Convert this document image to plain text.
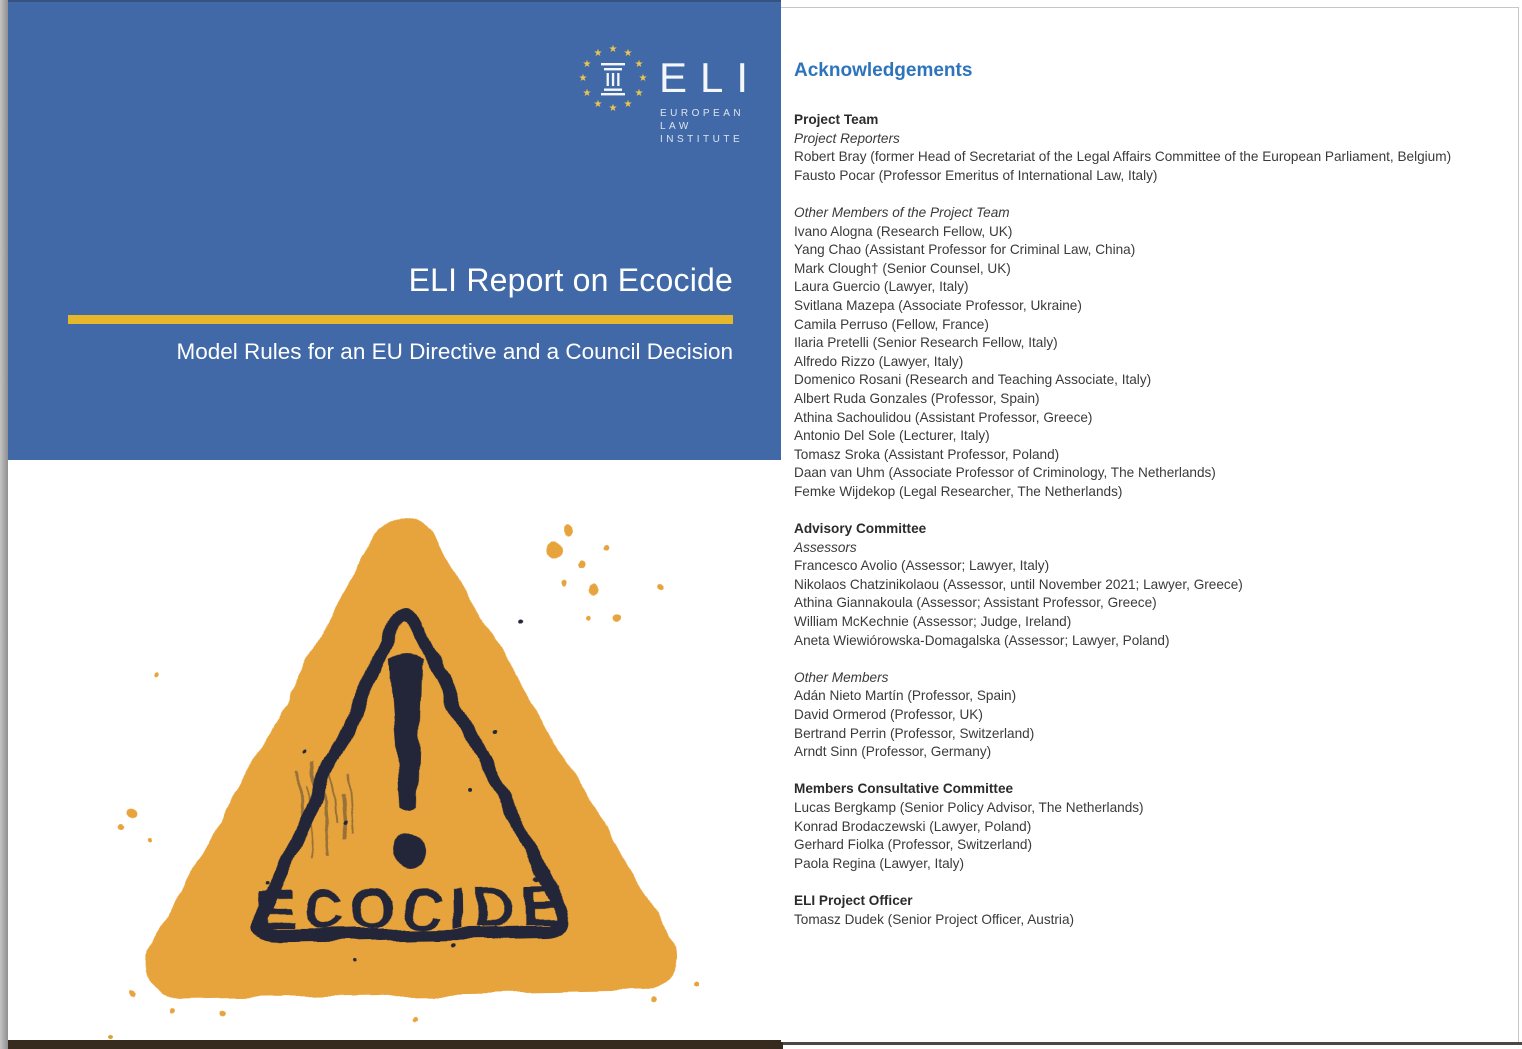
★ ★
★
★
★
★
★
★
★
★
★
★
ELI
EUROPEAN
LAW
INSTITUTE
ELI Report on Ecocide
Model Rules for an EU Directive and a Council Decision
ECOCIDE
Acknowledgements
Project Team
Project Reporters
Robert Bray (former Head of Secretariat of the Legal Affairs Committee of the European Parliament, Belgium)
Fausto Pocar (Professor Emeritus of International Law, Italy)
Other Members of the Project Team
Ivano Alogna (Research Fellow, UK)
Yang Chao (Assistant Professor for Criminal Law, China)
Mark Clough† (Senior Counsel, UK)
Laura Guercio (Lawyer, Italy)
Svitlana Mazepa (Associate Professor, Ukraine)
Camila Perruso (Fellow, France)
Ilaria Pretelli (Senior Research Fellow, Italy)
Alfredo Rizzo (Lawyer, Italy)
Domenico Rosani (Research and Teaching Associate, Italy)
Albert Ruda Gonzales (Professor, Spain)
Athina Sachoulidou (Assistant Professor, Greece)
Antonio Del Sole (Lecturer, Italy)
Tomasz Sroka (Assistant Professor, Poland)
Daan van Uhm (Associate Professor of Criminology, The Netherlands)
Femke Wijdekop (Legal Researcher, The Netherlands)
Advisory Committee
Assessors
Francesco Avolio (Assessor; Lawyer, Italy)
Nikolaos Chatzinikolaou (Assessor, until November 2021; Lawyer, Greece)
Athina Giannakoula (Assessor; Assistant Professor, Greece)
William McKechnie (Assessor; Judge, Ireland)
Aneta Wiewiórowska-Domagalska (Assessor; Lawyer, Poland)
Other Members
Adán Nieto Martín (Professor, Spain)
David Ormerod (Professor, UK)
Bertrand Perrin (Professor, Switzerland)
Arndt Sinn (Professor, Germany)
Members Consultative Committee
Lucas Bergkamp (Senior Policy Advisor, The Netherlands)
Konrad Brodaczewski (Lawyer, Poland)
Gerhard Fiolka (Professor, Switzerland)
Paola Regina (Lawyer, Italy)
ELI Project Officer
Tomasz Dudek (Senior Project Officer, Austria)
